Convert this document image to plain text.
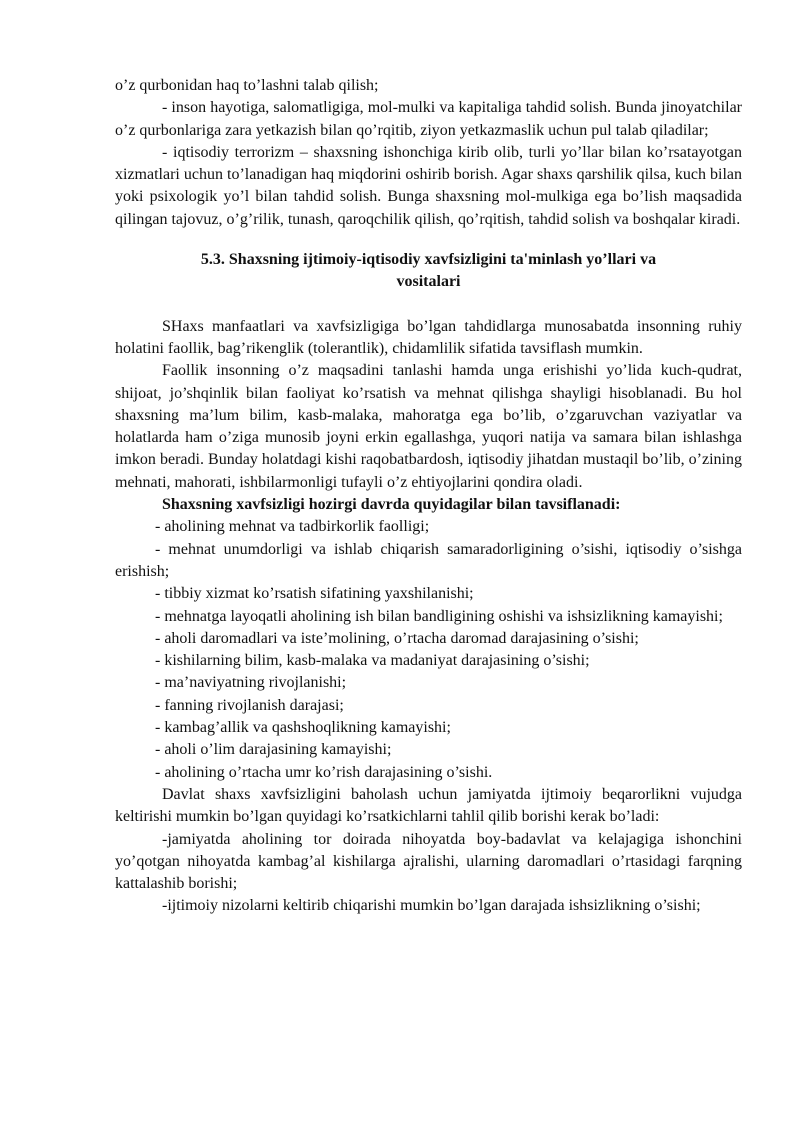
o’z qurbonidan haq to’lashni talab qilish;

- inson hayotiga, salomatligiga, mol-mulki va kapitaliga tahdid solish. Bunda jinoyatchilar o’z qurbonlariga zara yetkazish bilan qo’rqitib, ziyon yetkazmaslik uchun pul talab qiladilar;

- iqtisodiy terrorizm – shaxsning ishonchiga kirib olib, turli yo’llar bilan ko’rsatayotgan xizmatlari uchun to’lanadigan haq miqdorini oshirib borish. Agar shaxs qarshilik qilsa, kuch bilan yoki psixologik yo’l bilan tahdid solish. Bunga shaxsning mol-mulkiga ega bo’lish maqsadida qilingan tajovuz, o’g’rilik, tunash, qaroqchilik qilish, qo’rqitish, tahdid solish va boshqalar kiradi.

5.3. Shaxsning ijtimoiy-iqtisodiy xavfsizligini ta'minlash yo’llari va
vositalari

SHaxs manfaatlari va xavfsizligiga bo’lgan tahdidlarga munosabatda insonning ruhiy holatini faollik, bag’rikenglik (tolerantlik), chidamlilik sifatida tavsiflash mumkin.

Faollik insonning o’z maqsadini tanlashi hamda unga erishishi yo’lida kuch-qudrat, shijoat, jo’shqinlik bilan faoliyat ko’rsatish va mehnat qilishga shayligi hisoblanadi. Bu hol shaxsning ma’lum bilim, kasb-malaka, mahoratga ega bo’lib, o’zgaruvchan vaziyatlar va holatlarda ham o’ziga munosib joyni erkin egallashga, yuqori natija va samara bilan ishlashga imkon beradi. Bunday holatdagi kishi raqobatbardosh, iqtisodiy jihatdan mustaqil bo’lib, o’zining mehnati, mahorati, ishbilarmonligi tufayli o’z ehtiyojlarini qondira oladi.

Shaxsning xavfsizligi hozirgi davrda quyidagilar bilan tavsiflanadi:

- aholining mehnat va tadbirkorlik faolligi;

- mehnat unumdorligi va ishlab chiqarish samaradorligining o’sishi, iqtisodiy o’sishga erishish;

- tibbiy xizmat ko’rsatish sifatining yaxshilanishi;

- mehnatga layoqatli aholining ish bilan bandligining oshishi va ishsizlikning kamayishi;

- aholi daromadlari va iste’molining, o’rtacha daromad darajasining o’sishi;

- kishilarning bilim, kasb-malaka va madaniyat darajasining o’sishi;

- ma’naviyatning rivojlanishi;

- fanning rivojlanish darajasi;

- kambag’allik va qashshoqlikning kamayishi;

- aholi o’lim darajasining kamayishi;

- aholining o’rtacha umr ko’rish darajasining o’sishi.

Davlat shaxs xavfsizligini baholash uchun jamiyatda ijtimoiy beqarorlikni vujudga keltirishi mumkin bo’lgan quyidagi ko’rsatkichlarni tahlil qilib borishi kerak bo’ladi:

-jamiyatda aholining tor doirada nihoyatda boy-badavlat va kelajagiga ishonchini yo’qotgan nihoyatda kambag’al kishilarga ajralishi, ularning daromadlari o’rtasidagi farqning kattalashib borishi;

-ijtimoiy nizolarni keltirib chiqarishi mumkin bo’lgan darajada ishsizlikning o’sishi;
